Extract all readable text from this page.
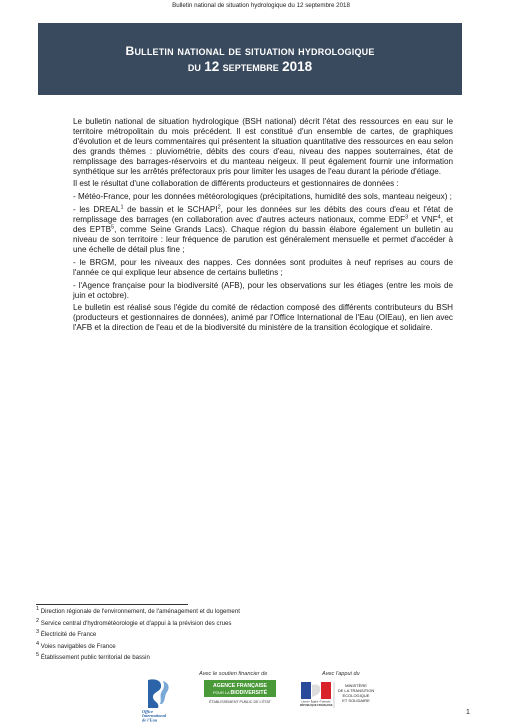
Bulletin national de situation hydrologique du 12 septembre 2018
Bulletin national de situation hydrologique
du 12 septembre 2018

Le bulletin national de situation hydrologique (BSH national) décrit l'état des ressources en eau sur le territoire métropolitain du mois précédent. Il est constitué d'un ensemble de cartes, de graphiques d'évolution et de leurs commentaires qui présentent la situation quantitative des ressources en eau selon des grands thèmes : pluviométrie, débits des cours d'eau, niveau des nappes souterraines, état de remplissage des barrages-réservoirs et du manteau neigeux. Il peut également fournir une information synthétique sur les arrêtés préfectoraux pris pour limiter les usages de l'eau durant la période d'étiage.

Il est le résultat d'une collaboration de différents producteurs et gestionnaires de données :

- Météo-France, pour les données météorologiques (précipitations, humidité des sols, manteau neigeux) ;

- les DREAL$^1$ de bassin et le SCHAPI$^2$, pour les données sur les débits des cours d'eau et l'état de remplissage des barrages (en collaboration avec d'autres acteurs nationaux, comme EDF$^3$ et VNF$^4$, et des EPTB$^5$, comme Seine Grands Lacs). Chaque région du bassin élabore également un bulletin au niveau de son territoire : leur fréquence de parution est généralement mensuelle et permet d'accéder à une échelle de détail plus fine ;

- le BRGM, pour les niveaux des nappes. Ces données sont produites à neuf reprises au cours de l'année ce qui explique leur absence de certains bulletins ;

- l'Agence française pour la biodiversité (AFB), pour les observations sur les étiages (entre les mois de juin et octobre).

Le bulletin est réalisé sous l'égide du comité de rédaction composé des différents contributeurs du BSH (producteurs et gestionnaires de données), animé par l'Office International de l'Eau (OIEau), en lien avec l'AFB et la direction de l'eau et de la biodiversité du ministère de la transition écologique et solidaire.

$^1$ Direction régionale de l'environnement, de l'aménagement et du logement
$^2$ Service central d'hydrométéorologie et d'appui à la prévision des crues
$^3$ Électricité de France
$^4$ Voies navigables de France
$^5$ Établissement public territorial de bassin
Avec le soutien financier de	Avec l'appui du
Office
International
de l'Eau
AGENCE FRANÇAISE
POUR LA BIODIVERSITÉ
ÉTABLISSEMENT PUBLIC DE L'ÉTAT	Liberté • Égalité • Fraternité
RÉPUBLIQUE FRANÇAISE
MINISTÈRE
DE LA TRANSITION
ÉCOLOGIQUE
ET SOLIDAIRE
1
